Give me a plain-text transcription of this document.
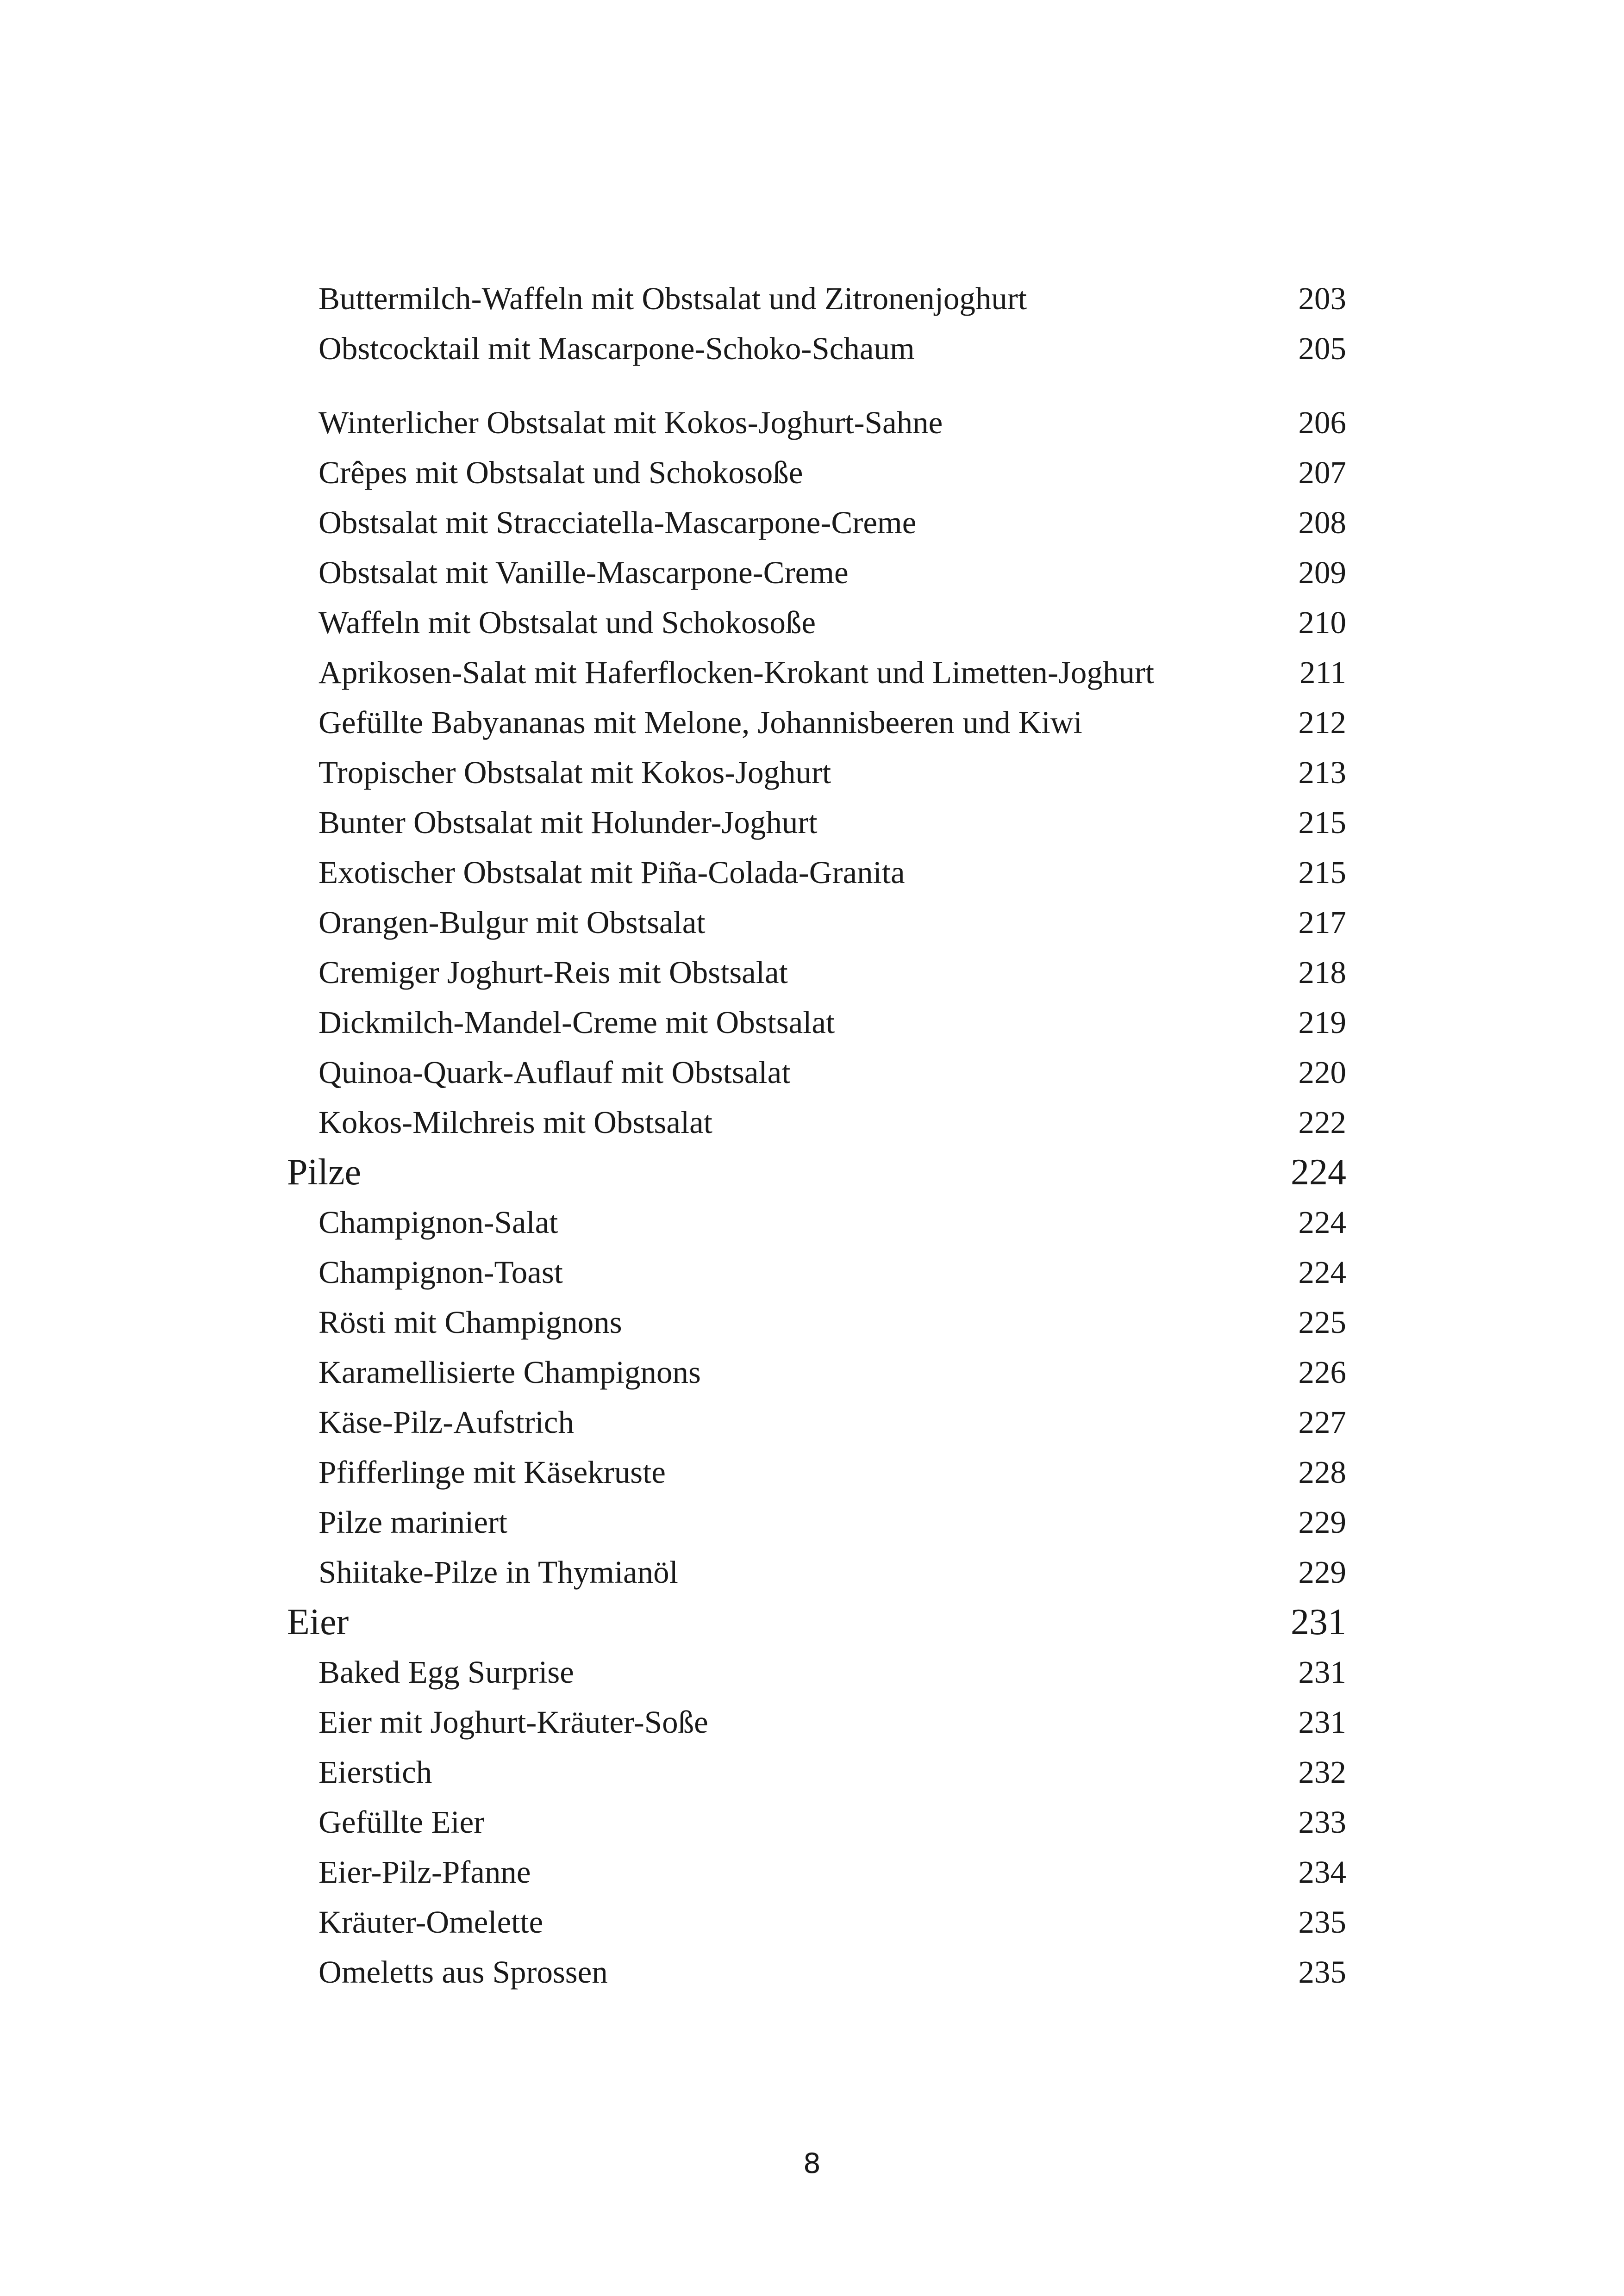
Buttermilch-Waffeln mit Obstsalat und Zitronenjoghurt	203
Obstcocktail mit Mascarpone-Schoko-Schaum	205
Winterlicher Obstsalat mit Kokos-Joghurt-Sahne	206
Crêpes mit Obstsalat und Schokosoße	207
Obstsalat mit Stracciatella-Mascarpone-Creme	208
Obstsalat mit Vanille-Mascarpone-Creme	209
Waffeln mit Obstsalat und Schokosoße	210
Aprikosen-Salat mit Haferflocken-Krokant und Limetten-Joghurt	211
Gefüllte Babyananas mit Melone, Johannisbeeren und Kiwi	212
Tropischer Obstsalat mit Kokos-Joghurt	213
Bunter Obstsalat mit Holunder-Joghurt	215
Exotischer Obstsalat mit Piña-Colada-Granita	215
Orangen-Bulgur mit Obstsalat	217
Cremiger Joghurt-Reis mit Obstsalat	218
Dickmilch-Mandel-Creme mit Obstsalat	219
Quinoa-Quark-Auflauf mit Obstsalat	220
Kokos-Milchreis mit Obstsalat	222
Pilze	224
Champignon-Salat	224
Champignon-Toast	224
Rösti mit Champignons	225
Karamellisierte Champignons	226
Käse-Pilz-Aufstrich	227
Pfifferlinge mit Käsekruste	228
Pilze mariniert	229
Shiitake-Pilze in Thymianöl	229
Eier	231
Baked Egg Surprise	231
Eier mit Joghurt-Kräuter-Soße	231
Eierstich	232
Gefüllte Eier	233
Eier-Pilz-Pfanne	234
Kräuter-Omelette	235
Omeletts aus Sprossen	235
8
